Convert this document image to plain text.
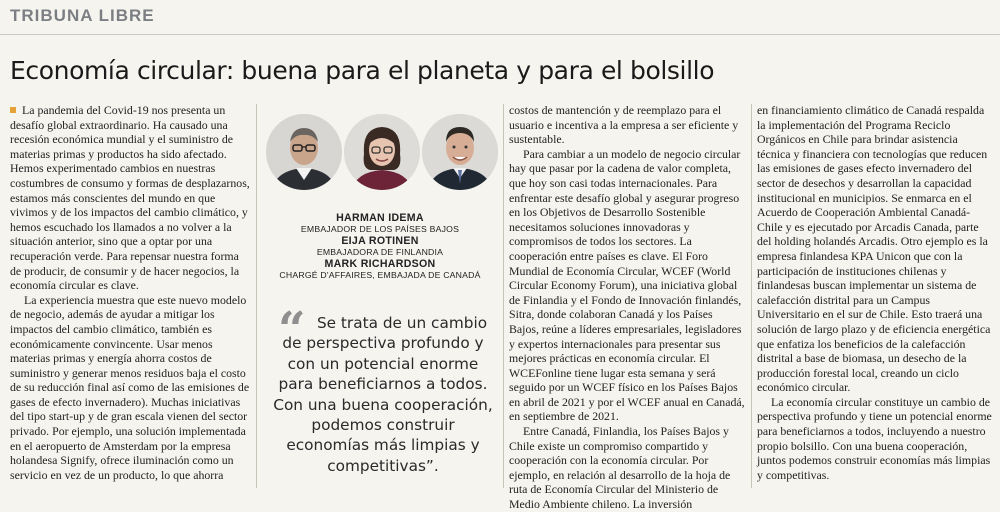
TRIBUNA LIBRE
Economía circular: buena para el planeta y para el bolsillo

La pandemia del Covid-19 nos presenta un desafío global extraordinario. Ha causado una recesión económica mundial y el suministro de materias primas y productos ha sido afectado. Hemos experimentado cambios en nuestras costumbres de consumo y formas de desplazarnos, estamos más conscientes del mundo en que vivimos y de los impactos del cambio climático, y hemos escuchado los llamados a no volver a la situación anterior, sino que a optar por una recuperación verde. Para repensar nuestra forma de producir, de consumir y de hacer negocios, la economía circular es clave.

La experiencia muestra que este nuevo modelo de negocio, además de ayudar a mitigar los impactos del cambio climático, también es económicamente convincente. Usar menos materias primas y energía ahorra costos de suministro y generar menos residuos baja el costo de su reducción final así como de las emisiones de gases de efecto invernadero). Muchas iniciativas del tipo start-up y de gran escala vienen del sector privado. Por ejemplo, una solución implementada en el aeropuerto de Amsterdam por la empresa holandesa Signify, ofrece iluminación como un servicio en vez de un producto, lo que ahorra

HARMAN IDEMA
EMBAJADOR DE LOS PAÍSES BAJOS
EIJA ROTINEN
EMBAJADORA DE FINLANDIA
MARK RICHARDSON
CHARGÉ D'AFFAIRES, EMBAJADA DE CANADÁ
“ Se trata de un cambio
de perspectiva profundo y
con un potencial enorme
para beneficiarnos a todos.
Con una buena cooperación,
podemos construir
economías más limpias y
competitivas”.

costos de mantención y de reemplazo para el usuario e incentiva a la empresa a ser eficiente y sustentable.

Para cambiar a un modelo de negocio circular hay que pasar por la cadena de valor completa, que hoy son casi todas internacionales. Para enfrentar este desafío global y asegurar progreso en los Objetivos de Desarrollo Sostenible necesitamos soluciones innovadoras y compromisos de todos los sectores. La cooperación entre países es clave. El Foro Mundial de Economía Circular, WCEF (World Circular Economy Forum), una iniciativa global de Finlandia y el Fondo de Innovación finlandés, Sitra, donde colaboran Canadá y los Países Bajos, reúne a líderes empresariales, legisladores y expertos internacionales para presentar sus mejores prácticas en economía circular. El WCEFonline tiene lugar esta semana y será seguido por un WCEF físico en los Países Bajos en abril de 2021 y por el WCEF anual en Canadá, en septiembre de 2021.

Entre Canadá, Finlandia, los Países Bajos y Chile existe un compromiso compartido y cooperación con la economía circular. Por ejemplo, en relación al desarrollo de la hoja de ruta de Economía Circular del Ministerio de Medio Ambiente chileno. La inversión

en financiamiento climático de Canadá respalda la implementación del Programa Reciclo Orgánicos en Chile para brindar asistencia técnica y financiera con tecnologías que reducen las emisiones de gases efecto invernadero del sector de desechos y desarrollan la capacidad institucional en municipios. Se enmarca en el Acuerdo de Cooperación Ambiental Canadá-Chile y es ejecutado por Arcadis Canada, parte del holding holandés Arcadis. Otro ejemplo es la empresa finlandesa KPA Unicon que con la participación de instituciones chilenas y finlandesas buscan implementar un sistema de calefacción distrital para un Campus Universitario en el sur de Chile. Esto traerá una solución de largo plazo y de eficiencia energética que enfatiza los beneficios de la calefacción distrital a base de biomasa, un desecho de la producción forestal local, creando un ciclo económico circular.

La economía circular constituye un cambio de perspectiva profundo y tiene un potencial enorme para beneficiarnos a todos, incluyendo a nuestro propio bolsillo. Con una buena cooperación, juntos podemos construir economías más limpias y competitivas.
